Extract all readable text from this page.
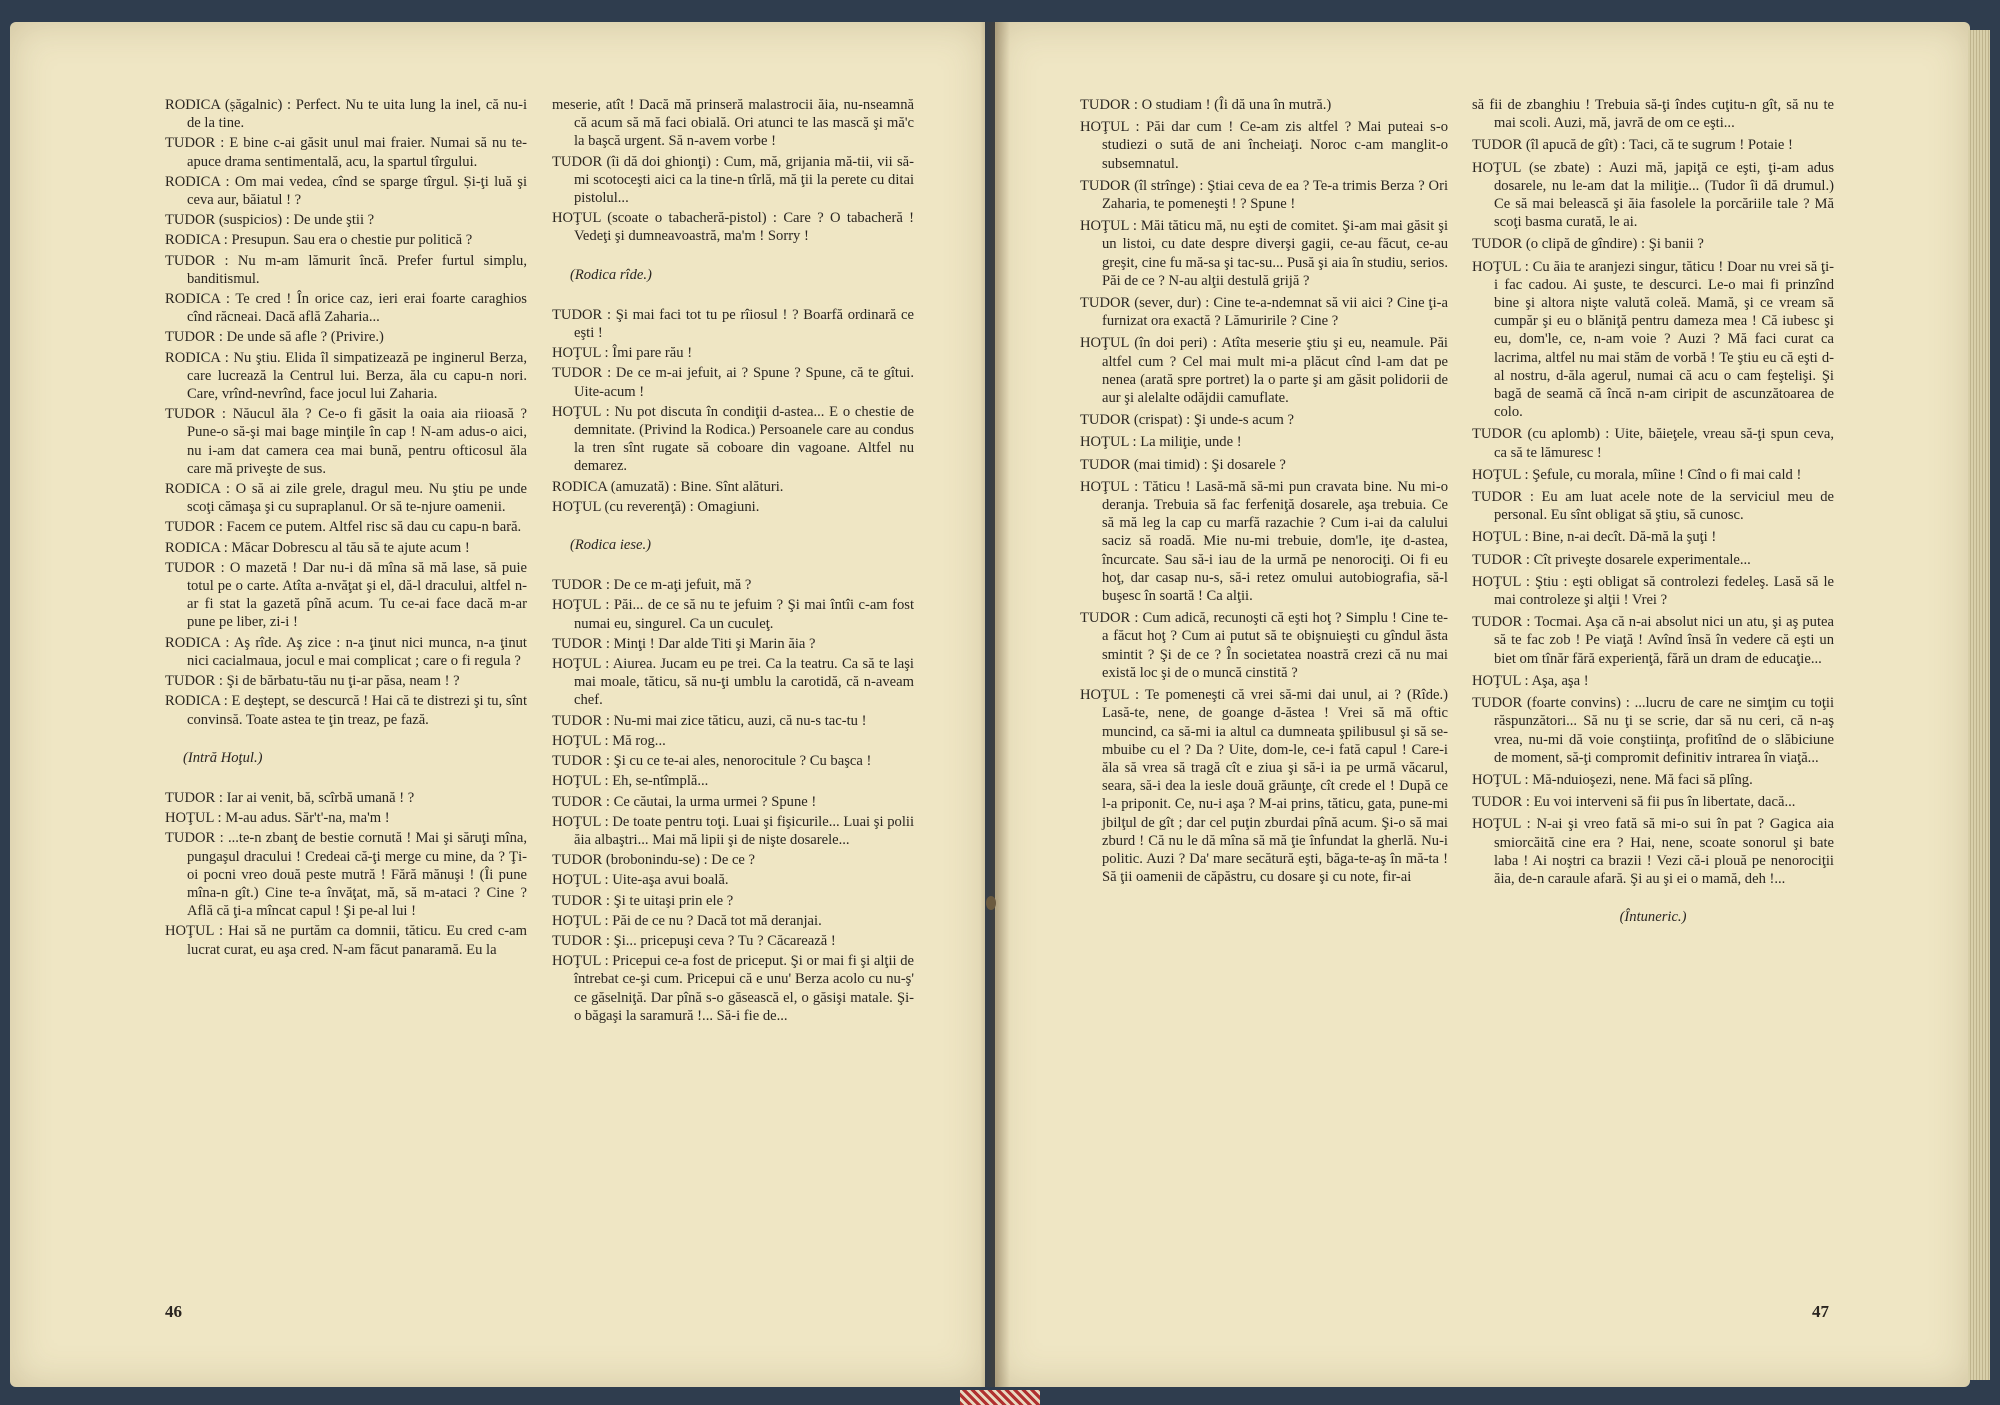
RODICA (ṣăgalnic) : Perfect. Nu te uita lung la inel, că nu-i de la tine.

TUDOR : E bine c-ai găsit unul mai fraier. Numai să nu te-apuce drama sentimentală, acu, la spartul tîrgului.

RODICA : Om mai vedea, cînd se sparge tîrgul. Ṣi-ţi luă şi ceva aur, băiatul ! ?

TUDOR (suspicios) : De unde ştii ?

RODICA : Presupun. Sau era o chestie pur politică ?

TUDOR : Nu m-am lămurit încă. Prefer furtul simplu, banditismul.

RODICA : Te cred ! În orice caz, ieri erai foarte caraghios cînd răcneai. Dacă află Zaharia...

TUDOR : De unde să afle ? (Privire.)

RODICA : Nu ştiu. Elida îl simpatizează pe inginerul Berza, care lucrează la Centrul lui. Berza, ăla cu capu-n nori. Care, vrînd-nevrînd, face jocul lui Zaharia.

TUDOR : Năucul ăla ? Ce-o fi găsit la oaia aia riioasă ? Pune-o să-şi mai bage minţile în cap ! N-am adus-o aici, nu i-am dat camera cea mai bună, pentru ofticosul ăla care mă priveşte de sus.

RODICA : O să ai zile grele, dragul meu. Nu ştiu pe unde scoţi cămaşa şi cu supraplanul. Or să te-njure oamenii.

TUDOR : Facem ce putem. Altfel risc să dau cu capu-n bară.

RODICA : Măcar Dobrescu al tău să te ajute acum !

TUDOR : O mazetă ! Dar nu-i dă mîna să mă lase, să puie totul pe o carte. Atîta a-nvăţat şi el, dă-l dracului, altfel n-ar fi stat la gazetă pînă acum. Tu ce-ai face dacă m-ar pune pe liber, zi-i !

RODICA : Aş rîde. Aş zice : n-a ţinut nici munca, n-a ţinut nici cacialmaua, jocul e mai complicat ; care o fi regula ?

TUDOR : Şi de bărbatu-tău nu ţi-ar păsa, neam ! ?

RODICA : E deştept, se descurcă ! Hai că te distrezi şi tu, sînt convinsă. Toate astea te ţin treaz, pe fază.

(Intră Hoţul.)

TUDOR : Iar ai venit, bă, scîrbă umană ! ?

HOŢUL : M-au adus. Săr't'-na, ma'm !

TUDOR : ...te-n zbanţ de bestie cornută ! Mai şi săruţi mîna, pungaşul dracului ! Credeai că-ţi merge cu mine, da ? Ţi-oi pocni vreo două peste mutră ! Fără mănuşi ! (Îi pune mîna-n gît.) Cine te-a învăţat, mă, să m-ataci ? Cine ? Află că ţi-a mîncat capul ! Şi pe-al lui !

HOŢUL : Hai să ne purtăm ca domnii, tăticu. Eu cred c-am lucrat curat, eu aşa cred. N-am făcut panaramă. Eu la

meserie, atît ! Dacă mă prinseră malastrocii ăia, nu-nseamnă că acum să mă faci obială. Ori atunci te las mască şi mă'c la başcă urgent. Să n-avem vorbe !

TUDOR (îi dă doi ghionţi) : Cum, mă, grijania mă-tii, vii să-mi scotoceşti aici ca la tine-n tîrlă, mă ţii la perete cu ditai pistolul...

HOŢUL (scoate o tabacheră-pistol) : Care ? O tabacheră ! Vedeţi şi dumneavoastră, ma'm ! Sorry !

(Rodica rîde.)

TUDOR : Şi mai faci tot tu pe rîiosul ! ? Boarfă ordinară ce eşti !

HOŢUL : Îmi pare rău !

TUDOR : De ce m-ai jefuit, ai ? Spune ? Spune, că te gîtui. Uite-acum !

HOŢUL : Nu pot discuta în condiţii d-astea... E o chestie de demnitate. (Privind la Rodica.) Persoanele care au condus la tren sînt rugate să coboare din vagoane. Altfel nu demarez.

RODICA (amuzată) : Bine. Sînt alături.

HOŢUL (cu reverenţă) : Omagiuni.

(Rodica iese.)

TUDOR : De ce m-aţi jefuit, mă ?

HOŢUL : Păi... de ce să nu te jefuim ? Şi mai întîi c-am fost numai eu, singurel. Ca un cuculeţ.

TUDOR : Minţi ! Dar alde Titi şi Marin ăia ?

HOŢUL : Aiurea. Jucam eu pe trei. Ca la teatru. Ca să te laşi mai moale, tăticu, să nu-ţi umblu la carotidă, că n-aveam chef.

TUDOR : Nu-mi mai zice tăticu, auzi, că nu-s tac-tu !

HOŢUL : Mă rog...

TUDOR : Şi cu ce te-ai ales, nenorocitule ? Cu başca !

HOŢUL : Eh, se-ntîmplă...

TUDOR : Ce căutai, la urma urmei ? Spune !

HOŢUL : De toate pentru toţi. Luai şi fişicurile... Luai şi polii ăia albaştri... Mai mă lipii şi de nişte dosarele...

TUDOR (brobonindu-se) : De ce ?

HOŢUL : Uite-aşa avui boală.

TUDOR : Şi te uitaşi prin ele ?

HOŢUL : Păi de ce nu ? Dacă tot mă deranjai.

TUDOR : Şi... pricepuşi ceva ? Tu ? Căcarează !

HOŢUL : Pricepui ce-a fost de priceput. Şi or mai fi şi alţii de întrebat ce-şi cum. Pricepui că e unu' Berza acolo cu nu-ş' ce găselniţă. Dar pînă s-o găsească el, o găsişi matale. Şi-o băgaşi la saramură !... Să-i fie de...

TUDOR : O studiam ! (Îi dă una în mutră.)

HOŢUL : Păi dar cum ! Ce-am zis altfel ? Mai puteai s-o studiezi o sută de ani încheiaţi. Noroc c-am manglit-o subsemnatul.

TUDOR (îl strînge) : Ştiai ceva de ea ? Te-a trimis Berza ? Ori Zaharia, te pomeneşti ! ? Spune !

HOŢUL : Măi tăticu mă, nu eşti de comitet. Şi-am mai găsit şi un listoi, cu date despre diverşi gagii, ce-au făcut, ce-au greşit, cine fu mă-sa şi tac-su... Pusă şi aia în studiu, serios. Păi de ce ? N-au alţii destulă grijă ?

TUDOR (sever, dur) : Cine te-a-ndemnat să vii aici ? Cine ţi-a furnizat ora exactă ? Lămuririle ? Cine ?

HOŢUL (în doi peri) : Atîta meserie ştiu şi eu, neamule. Păi altfel cum ? Cel mai mult mi-a plăcut cînd l-am dat pe nenea (arată spre portret) la o parte şi am găsit polidorii de aur şi alelalte odăjdii camuflate.

TUDOR (crispat) : Şi unde-s acum ?

HOŢUL : La miliţie, unde !

TUDOR (mai timid) : Şi dosarele ?

HOŢUL : Tăticu ! Lasă-mă să-mi pun cravata bine. Nu mi-o deranja. Trebuia să fac ferfeniţă dosarele, aşa trebuia. Ce să mă leg la cap cu marfă razachie ? Cum i-ai da calului saciz să roadă. Mie nu-mi trebuie, dom'le, iţe d-astea, încurcate. Sau să-i iau de la urmă pe nenorociţi. Oi fi eu hoţ, dar casap nu-s, să-i retez omului autobiografia, să-l buşesc în soartă ! Ca alţii.

TUDOR : Cum adică, recunoşti că eşti hoţ ? Simplu ! Cine te-a făcut hoţ ? Cum ai putut să te obişnuieşti cu gîndul ăsta smintit ? Şi de ce ? În societatea noastră crezi că nu mai există loc şi de o muncă cinstită ?

HOŢUL : Te pomeneşti că vrei să-mi dai unul, ai ? (Rîde.) Lasă-te, nene, de goange d-ăstea ! Vrei să mă oftic muncind, ca să-mi ia altul ca dumneata şpilibusul şi să se-mbuibe cu el ? Da ? Uite, dom-le, ce-i fată capul ! Care-i ăla să vrea să tragă cît e ziua şi să-i ia pe urmă văcarul, seara, să-i dea la iesle două grăunţe, cît crede el ! După ce l-a priponit. Ce, nu-i aşa ? M-ai prins, tăticu, gata, pune-mi jbilţul de gît ; dar cel puţin zburdai pînă acum. Şi-o să mai zburd ! Că nu le dă mîna să mă ţie înfundat la gherlă. Nu-i politic. Auzi ? Da' mare secătură eşti, băga-te-aş în mă-ta ! Să ţii oamenii de căpăstru, cu dosare şi cu note, fir-ai

să fii de zbanghiu ! Trebuia să-ţi îndes cuţitu-n gît, să nu te mai scoli. Auzi, mă, javră de om ce eşti...

TUDOR (îl apucă de gît) : Taci, că te sugrum ! Potaie !

HOŢUL (se zbate) : Auzi mă, japiţă ce eşti, ţi-am adus dosarele, nu le-am dat la miliţie... (Tudor îi dă drumul.) Ce să mai belească şi ăia fasolele la porcăriile tale ? Mă scoţi basma curată, le ai.

TUDOR (o clipă de gîndire) : Şi banii ?

HOŢUL : Cu ăia te aranjezi singur, tăticu ! Doar nu vrei să ţi-i fac cadou. Ai şuste, te descurci. Le-o mai fi prinzînd bine şi altora nişte valută coleă. Mamă, şi ce vream să cumpăr şi eu o blăniţă pentru dameza mea ! Că iubesc şi eu, dom'le, ce, n-am voie ? Auzi ? Mă faci curat ca lacrima, altfel nu mai stăm de vorbă ! Te ştiu eu că eşti d-al nostru, d-ăla agerul, numai că acu o cam feştelişi. Şi bagă de seamă că încă n-am ciripit de ascunzătoarea de colo.

TUDOR (cu aplomb) : Uite, băieţele, vreau să-ţi spun ceva, ca să te lămuresc !

HOŢUL : Şefule, cu morala, mîine ! Cînd o fi mai cald !

TUDOR : Eu am luat acele note de la serviciul meu de personal. Eu sînt obligat să ştiu, să cunosc.

HOŢUL : Bine, n-ai decît. Dă-mă la şuţi !

TUDOR : Cît priveşte dosarele experimentale...

HOŢUL : Ştiu : eşti obligat să controlezi fedeleş. Lasă să le mai controleze şi alţii ! Vrei ?

TUDOR : Tocmai. Aşa că n-ai absolut nici un atu, şi aş putea să te fac zob ! Pe viaţă ! Avînd însă în vedere că eşti un biet om tînăr fără experienţă, fără un dram de educaţie...

HOŢUL : Aşa, aşa !

TUDOR (foarte convins) : ...lucru de care ne simţim cu toţii răspunzători... Să nu ţi se scrie, dar să nu ceri, că n-aş vrea, nu-mi dă voie conştiinţa, profitînd de o slăbiciune de moment, să-ţi compromit definitiv intrarea în viaţă...

HOŢUL : Mă-nduioşezi, nene. Mă faci să plîng.

TUDOR : Eu voi interveni să fii pus în libertate, dacă...

HOŢUL : N-ai şi vreo fată să mi-o sui în pat ? Gagica aia smiorcăită cine era ? Hai, nene, scoate sonorul şi bate laba ! Ai noştri ca brazii ! Vezi că-i plouă pe nenorociţii ăia, de-n caraule afară. Şi au şi ei o mamă, deh !...

(Întuneric.)

46	47
